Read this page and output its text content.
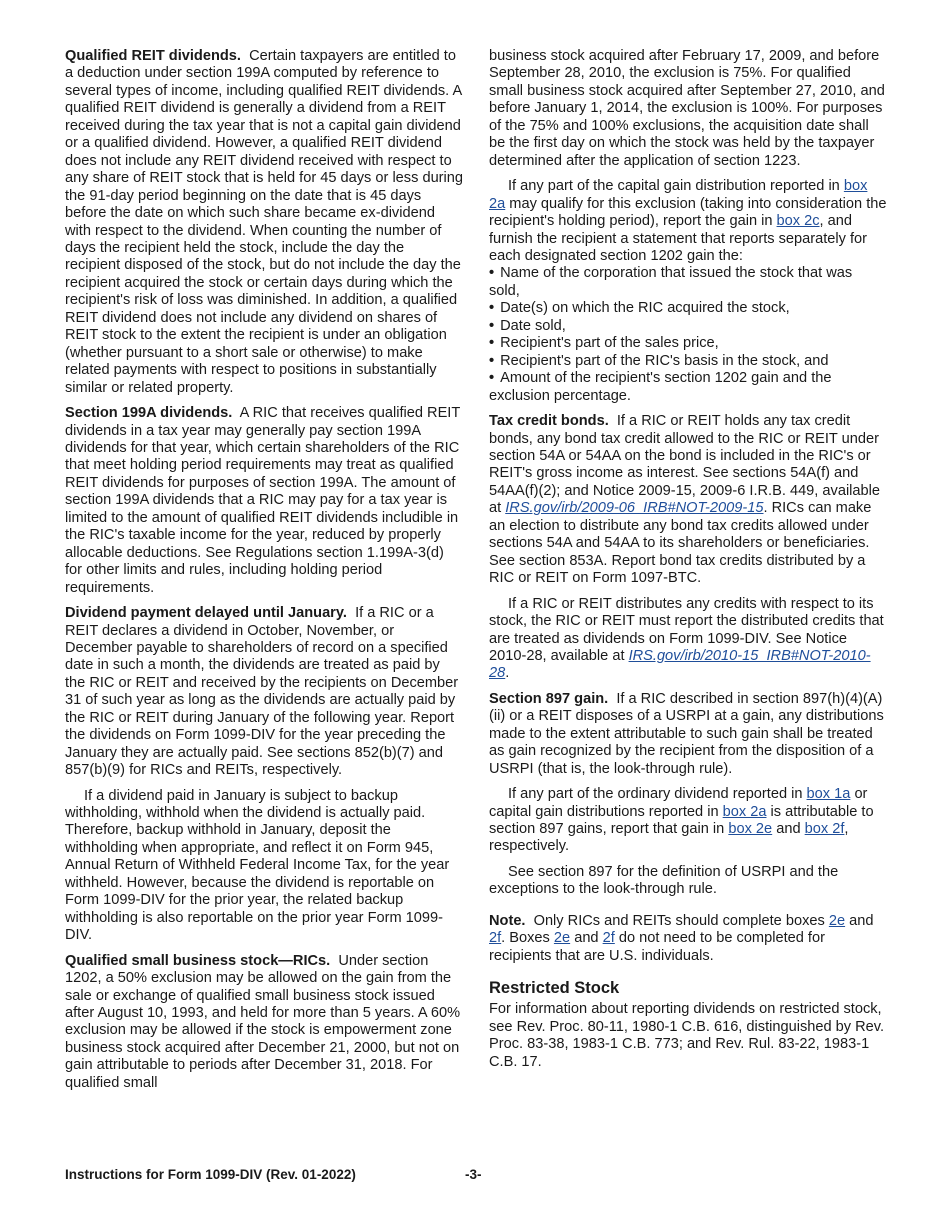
Qualified REIT dividends. Certain taxpayers are entitled to a deduction under section 199A computed by reference to several types of income, including qualified REIT dividends. A qualified REIT dividend is generally a dividend from a REIT received during the tax year that is not a capital gain dividend or a qualified dividend. However, a qualified REIT dividend does not include any REIT dividend received with respect to any share of REIT stock that is held for 45 days or less during the 91-day period beginning on the date that is 45 days before the date on which such share became ex-dividend with respect to the dividend. When counting the number of days the recipient held the stock, include the day the recipient disposed of the stock, but do not include the day the recipient acquired the stock or certain days during which the recipient's risk of loss was diminished. In addition, a qualified REIT dividend does not include any dividend on shares of REIT stock to the extent the recipient is under an obligation (whether pursuant to a short sale or otherwise) to make related payments with respect to positions in substantially similar or related property.

Section 199A dividends. A RIC that receives qualified REIT dividends in a tax year may generally pay section 199A dividends for that year, which certain shareholders of the RIC that meet holding period requirements may treat as qualified REIT dividends for purposes of section 199A. The amount of section 199A dividends that a RIC may pay for a tax year is limited to the amount of qualified REIT dividends includible in the RIC's taxable income for the year, reduced by properly allocable deductions. See Regulations section 1.199A-3(d) for other limits and rules, including holding period requirements.

Dividend payment delayed until January. If a RIC or a REIT declares a dividend in October, November, or December payable to shareholders of record on a specified date in such a month, the dividends are treated as paid by the RIC or REIT and received by the recipients on December 31 of such year as long as the dividends are actually paid by the RIC or REIT during January of the following year. Report the dividends on Form 1099-DIV for the year preceding the January they are actually paid. See sections 852(b)(7) and 857(b)(9) for RICs and REITs, respectively.

If a dividend paid in January is subject to backup withholding, withhold when the dividend is actually paid. Therefore, backup withhold in January, deposit the withholding when appropriate, and reflect it on Form 945, Annual Return of Withheld Federal Income Tax, for the year withheld. However, because the dividend is reportable on Form 1099-DIV for the prior year, the related backup withholding is also reportable on the prior year Form 1099-DIV.

Qualified small business stock—RICs. Under section 1202, a 50% exclusion may be allowed on the gain from the sale or exchange of qualified small business stock issued after August 10, 1993, and held for more than 5 years. A 60% exclusion may be allowed if the stock is empowerment zone business stock acquired after December 21, 2000, but not on gain attributable to periods after December 31, 2018. For qualified small

business stock acquired after February 17, 2009, and before September 28, 2010, the exclusion is 75%. For qualified small business stock acquired after September 27, 2010, and before January 1, 2014, the exclusion is 100%. For purposes of the 75% and 100% exclusions, the acquisition date shall be the first day on which the stock was held by the taxpayer determined after the application of section 1223.

If any part of the capital gain distribution reported in box 2a may qualify for this exclusion (taking into consideration the recipient's holding period), report the gain in box 2c, and furnish the recipient a statement that reports separately for each designated section 1202 gain the:

• Name of the corporation that issued the stock that was sold,
• Date(s) on which the RIC acquired the stock,
• Date sold,
• Recipient's part of the sales price,
• Recipient's part of the RIC's basis in the stock, and
• Amount of the recipient's section 1202 gain and the exclusion percentage.

Tax credit bonds. If a RIC or REIT holds any tax credit bonds, any bond tax credit allowed to the RIC or REIT under section 54A or 54AA on the bond is included in the RIC's or REIT's gross income as interest. See sections 54A(f) and 54AA(f)(2); and Notice 2009-15, 2009-6 I.R.B. 449, available at IRS.gov/irb/2009-06_IRB#NOT-2009-15. RICs can make an election to distribute any bond tax credits allowed under sections 54A and 54AA to its shareholders or beneficiaries. See section 853A. Report bond tax credits distributed by a RIC or REIT on Form 1097-BTC.

If a RIC or REIT distributes any credits with respect to its stock, the RIC or REIT must report the distributed credits that are treated as dividends on Form 1099-DIV. See Notice 2010-28, available at IRS.gov/irb/2010-15_IRB#NOT-2010-28.

Section 897 gain. If a RIC described in section 897(h)(4)(A)(ii) or a REIT disposes of a USRPI at a gain, any distributions made to the extent attributable to such gain shall be treated as gain recognized by the recipient from the disposition of a USRPI (that is, the look-through rule).

If any part of the ordinary dividend reported in box 1a or capital gain distributions reported in box 2a is attributable to section 897 gains, report that gain in box 2e and box 2f, respectively.

See section 897 for the definition of USRPI and the exceptions to the look-through rule.

Note. Only RICs and REITs should complete boxes 2e and 2f. Boxes 2e and 2f do not need to be completed for recipients that are U.S. individuals.

Restricted Stock

For information about reporting dividends on restricted stock, see Rev. Proc. 80-11, 1980-1 C.B. 616, distinguished by Rev. Proc. 83-38, 1983-1 C.B. 773; and Rev. Rul. 83-22, 1983-1 C.B. 17.

Instructions for Form 1099-DIV (Rev. 01-2022)	-3-
